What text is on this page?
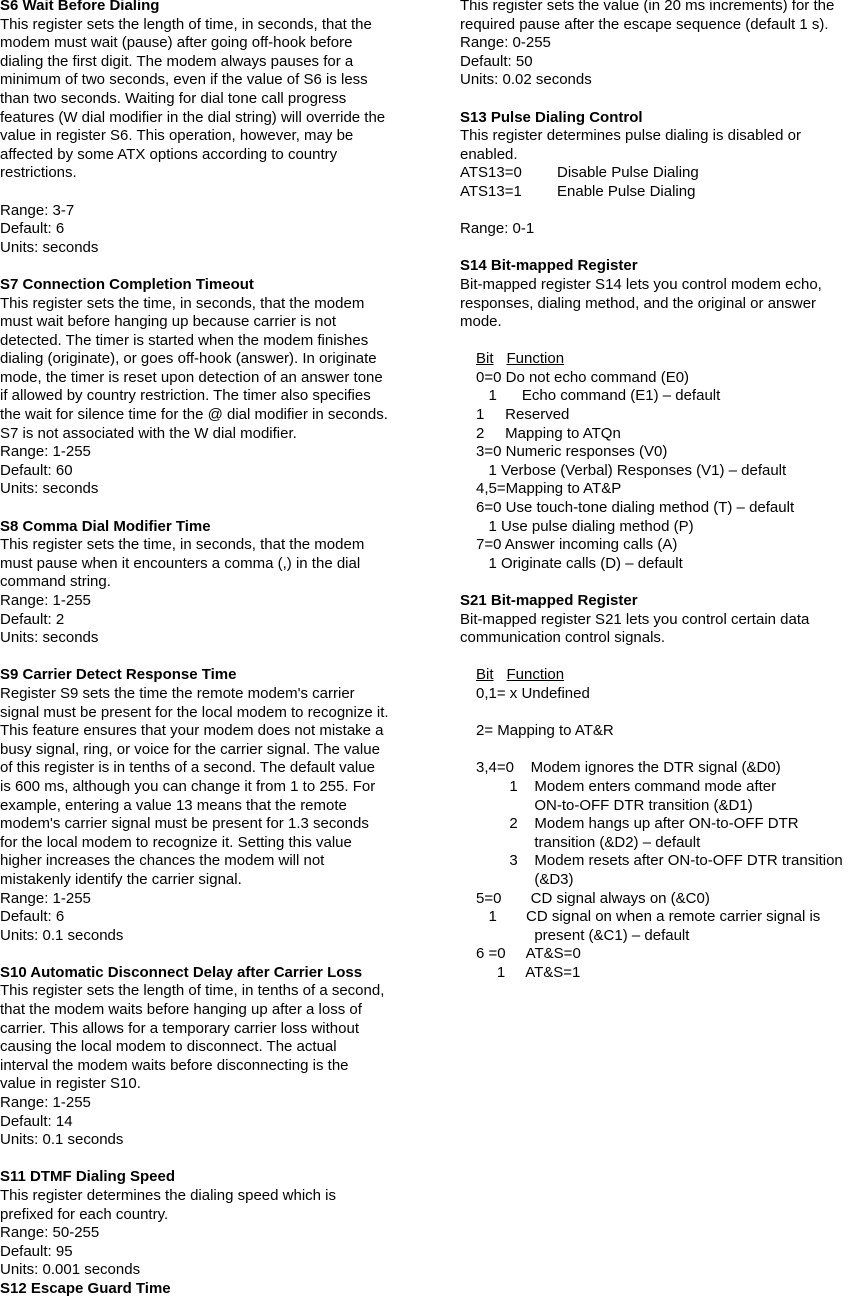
S6 Wait Before Dialing
This register sets the length of time, in seconds, that the
modem must wait (pause) after going off-hook before
dialing the first digit. The modem always pauses for a
minimum of two seconds, even if the value of S6 is less
than two seconds. Waiting for dial tone call progress
features (W dial modifier in the dial string) will override the
value in register S6. This operation, however, may be
affected by some ATX options according to country
restrictions.
Range: 3-7
Default: 6
Units: seconds
S7 Connection Completion Timeout
This register sets the time, in seconds, that the modem
must wait before hanging up because carrier is not
detected. The timer is started when the modem finishes
dialing (originate), or goes off-hook (answer). In originate
mode, the timer is reset upon detection of an answer tone
if allowed by country restriction. The timer also specifies
the wait for silence time for the @ dial modifier in seconds.
S7 is not associated with the W dial modifier.
Range: 1-255
Default: 60
Units: seconds
S8 Comma Dial Modifier Time
This register sets the time, in seconds, that the modem
must pause when it encounters a comma (,) in the dial
command string.
Range: 1-255
Default: 2
Units: seconds
S9 Carrier Detect Response Time
Register S9 sets the time the remote modem's carrier
signal must be present for the local modem to recognize it.
This feature ensures that your modem does not mistake a
busy signal, ring, or voice for the carrier signal. The value
of this register is in tenths of a second. The default value
is 600 ms, although you can change it from 1 to 255. For
example, entering a value 13 means that the remote
modem's carrier signal must be present for 1.3 seconds
for the local modem to recognize it. Setting this value
higher increases the chances the modem will not
mistakenly identify the carrier signal.
Range: 1-255
Default: 6
Units: 0.1 seconds
S10 Automatic Disconnect Delay after Carrier Loss
This register sets the length of time, in tenths of a second,
that the modem waits before hanging up after a loss of
carrier. This allows for a temporary carrier loss without
causing the local modem to disconnect. The actual
interval the modem waits before disconnecting is the
value in register S10.
Range: 1-255
Default: 14
Units: 0.1 seconds
S11 DTMF Dialing Speed
This register determines the dialing speed which is
prefixed for each country.
Range: 50-255
Default: 95
Units: 0.001 seconds
S12 Escape Guard Time
This register sets the value (in 20 ms increments) for the
required pause after the escape sequence (default 1 s).
Range: 0-255
Default: 50
Units: 0.02 seconds
S13 Pulse Dialing Control
This register determines pulse dialing is disabled or
enabled.
ATS13=0 Disable Pulse Dialing
ATS13=1 Enable Pulse Dialing
Range: 0-1
S14 Bit-mapped Register
Bit-mapped register S14 lets you control modem echo,
responses, dialing method, and the original or answer
mode.
Bit Function
0=0 Do not echo command (E0)
1      Echo command (E1) – default
1     Reserved
2     Mapping to ATQn
3=0 Numeric responses (V0)
1 Verbose (Verbal) Responses (V1) – default
4,5=Mapping to AT&P
6=0 Use touch-tone dialing method (T) – default
1 Use pulse dialing method (P)
7=0 Answer incoming calls (A)
1 Originate calls (D) – default
S21 Bit-mapped Register
Bit-mapped register S21 lets you control certain data
communication control signals.
Bit Function
0,1= x Undefined
2= Mapping to AT&R
3,4=0    Modem ignores the DTR signal (&D0)
1    Modem enters command mode after
ON-to-OFF DTR transition (&D1)
2    Modem hangs up after ON-to-OFF DTR
transition (&D2) – default
3    Modem resets after ON-to-OFF DTR transition
(&D3)
5=0       CD signal always on (&C0)
1       CD signal on when a remote carrier signal is
present (&C1) – default
6 =0     AT&S=0
1     AT&S=1
